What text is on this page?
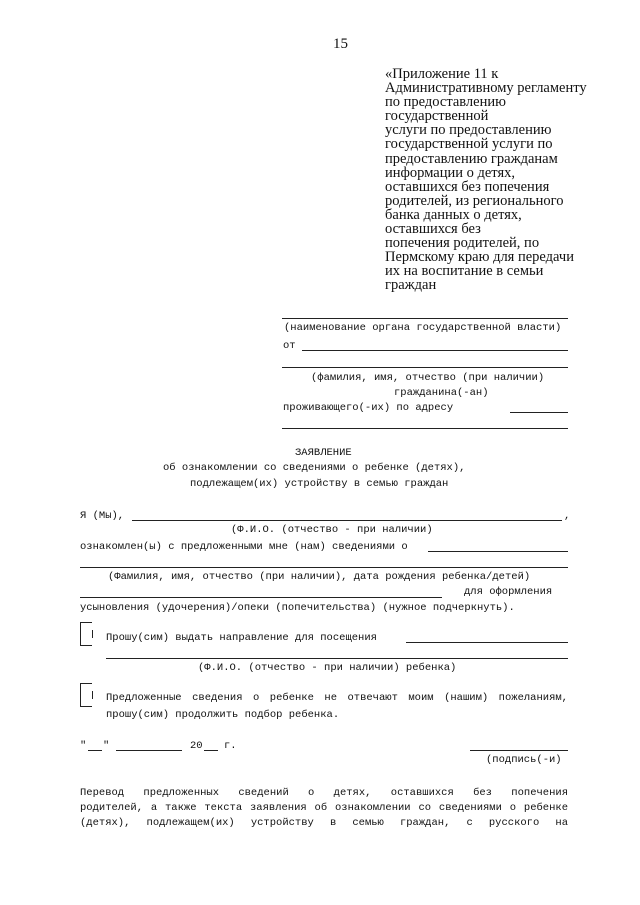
15
«Приложение 11 к
Административному регламенту
по предоставлению
государственной
услуги по предоставлению
государственной услуги по
предоставлению гражданам
информации о детях,
оставшихся без попечения
родителей, из регионального
банка данных о детях,
оставшихся без
попечения родителей, по
Пермскому краю для передачи
их на воспитание в семьи
граждан
(наименование органа государственной власти)
от
(фамилия, имя, отчество (при наличии)
гражданина(-ан)
проживающего(-их) по адресу
ЗАЯВЛЕНИЕ
об ознакомлении со сведениями о ребенке (детях),
подлежащем(их) устройству в семью граждан
Я (Мы),	,
(Ф.И.О. (отчество - при наличии)
ознакомлен(ы) с предложенными мне (нам) сведениями о
(Фамилия, имя, отчество (при наличии), дата рождения ребенка/детей)
для оформления
усыновления (удочерения)/опеки (попечительства) (нужное подчеркнуть).
Прошу(сим) выдать направление для посещения
(Ф.И.О. (отчество - при наличии) ребенка)
Предложенные сведения о ребенке не отвечают моим (нашим) пожеланиям,
прошу(сим) продолжить подбор ребенка.
" "	20 г.
(подпись(-и)
Перевод предложенных сведений о детях, оставшихся без попечения
родителей, а также текста заявления об ознакомлении со сведениями о ребенке
(детях), подлежащем(их) устройству в семью граждан, с русского на
